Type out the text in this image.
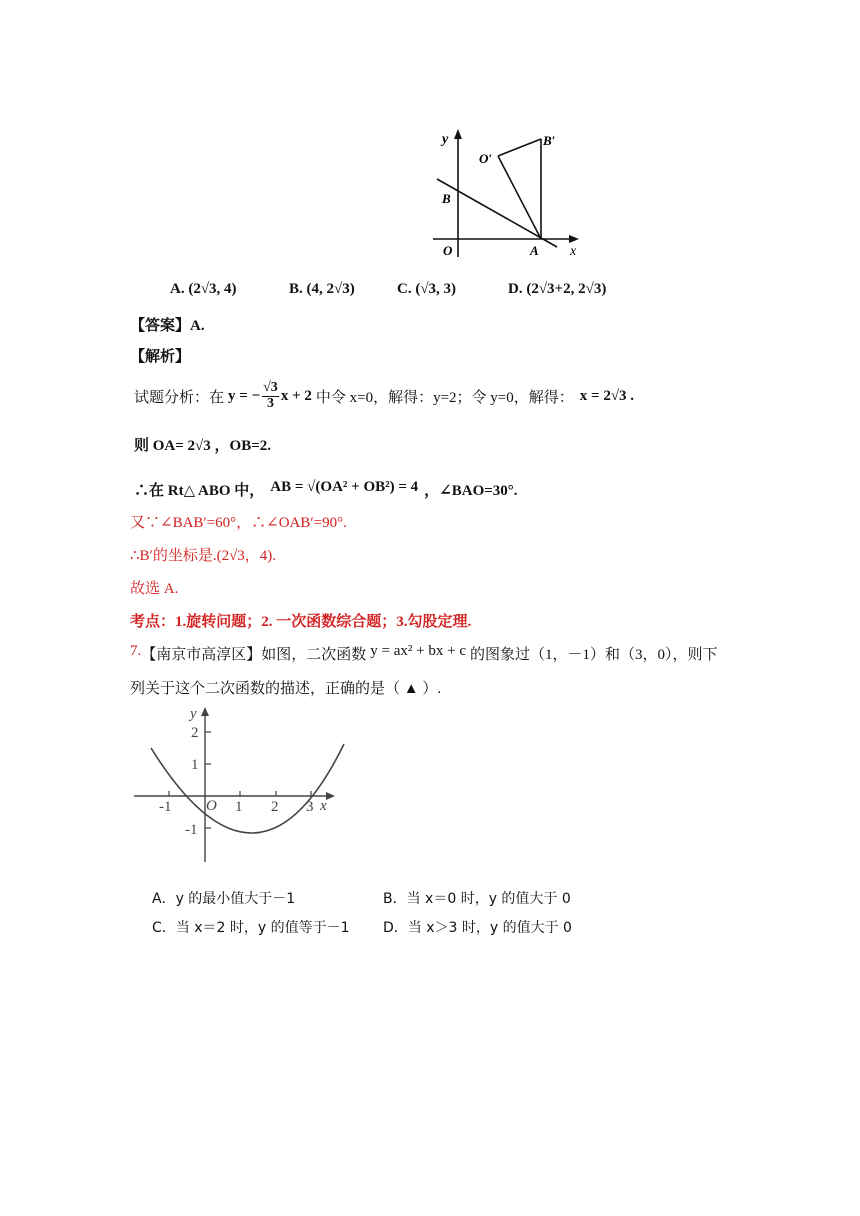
y
x
O
B
A
O′
B′
A. (2√3, 4)	B. (4, 2√3)	C. (√3, 3)	D. (2√3+2, 2√3)
【答案】A.
【解析】
试题分析：在 y = − $\frac{√3}{3}$ x + 2 中令 x=0，解得：y=2；令 y=0，解得： x = 2√3 .
则 OA= 2√3 ，OB=2.
∴在 Rt△ ABO 中， AB = √(OA² + OB²) = 4 ，∠BAO=30°.
又∵∠BAB′=60°，∴∠OAB′=90°.
∴B′的坐标是.(2√3，4).
故选 A.
考点：1.旋转问题；2. 一次函数综合题；3.勾股定理.
7. 【南京市高淳区】 如图，二次函数 y = ax² + bx + c 的图象过（1，－1）和（3，0），则下
列关于这个二次函数的描述，正确的是（ ▲ ）.
y
x
O
-1	1 2 3
2
1
-1
A．y 的最小值大于－1	B．当 x＝0 时，y 的值大于 0
C．当 x＝2 时，y 的值等于－1 D．当 x＞3 时，y 的值大于 0
